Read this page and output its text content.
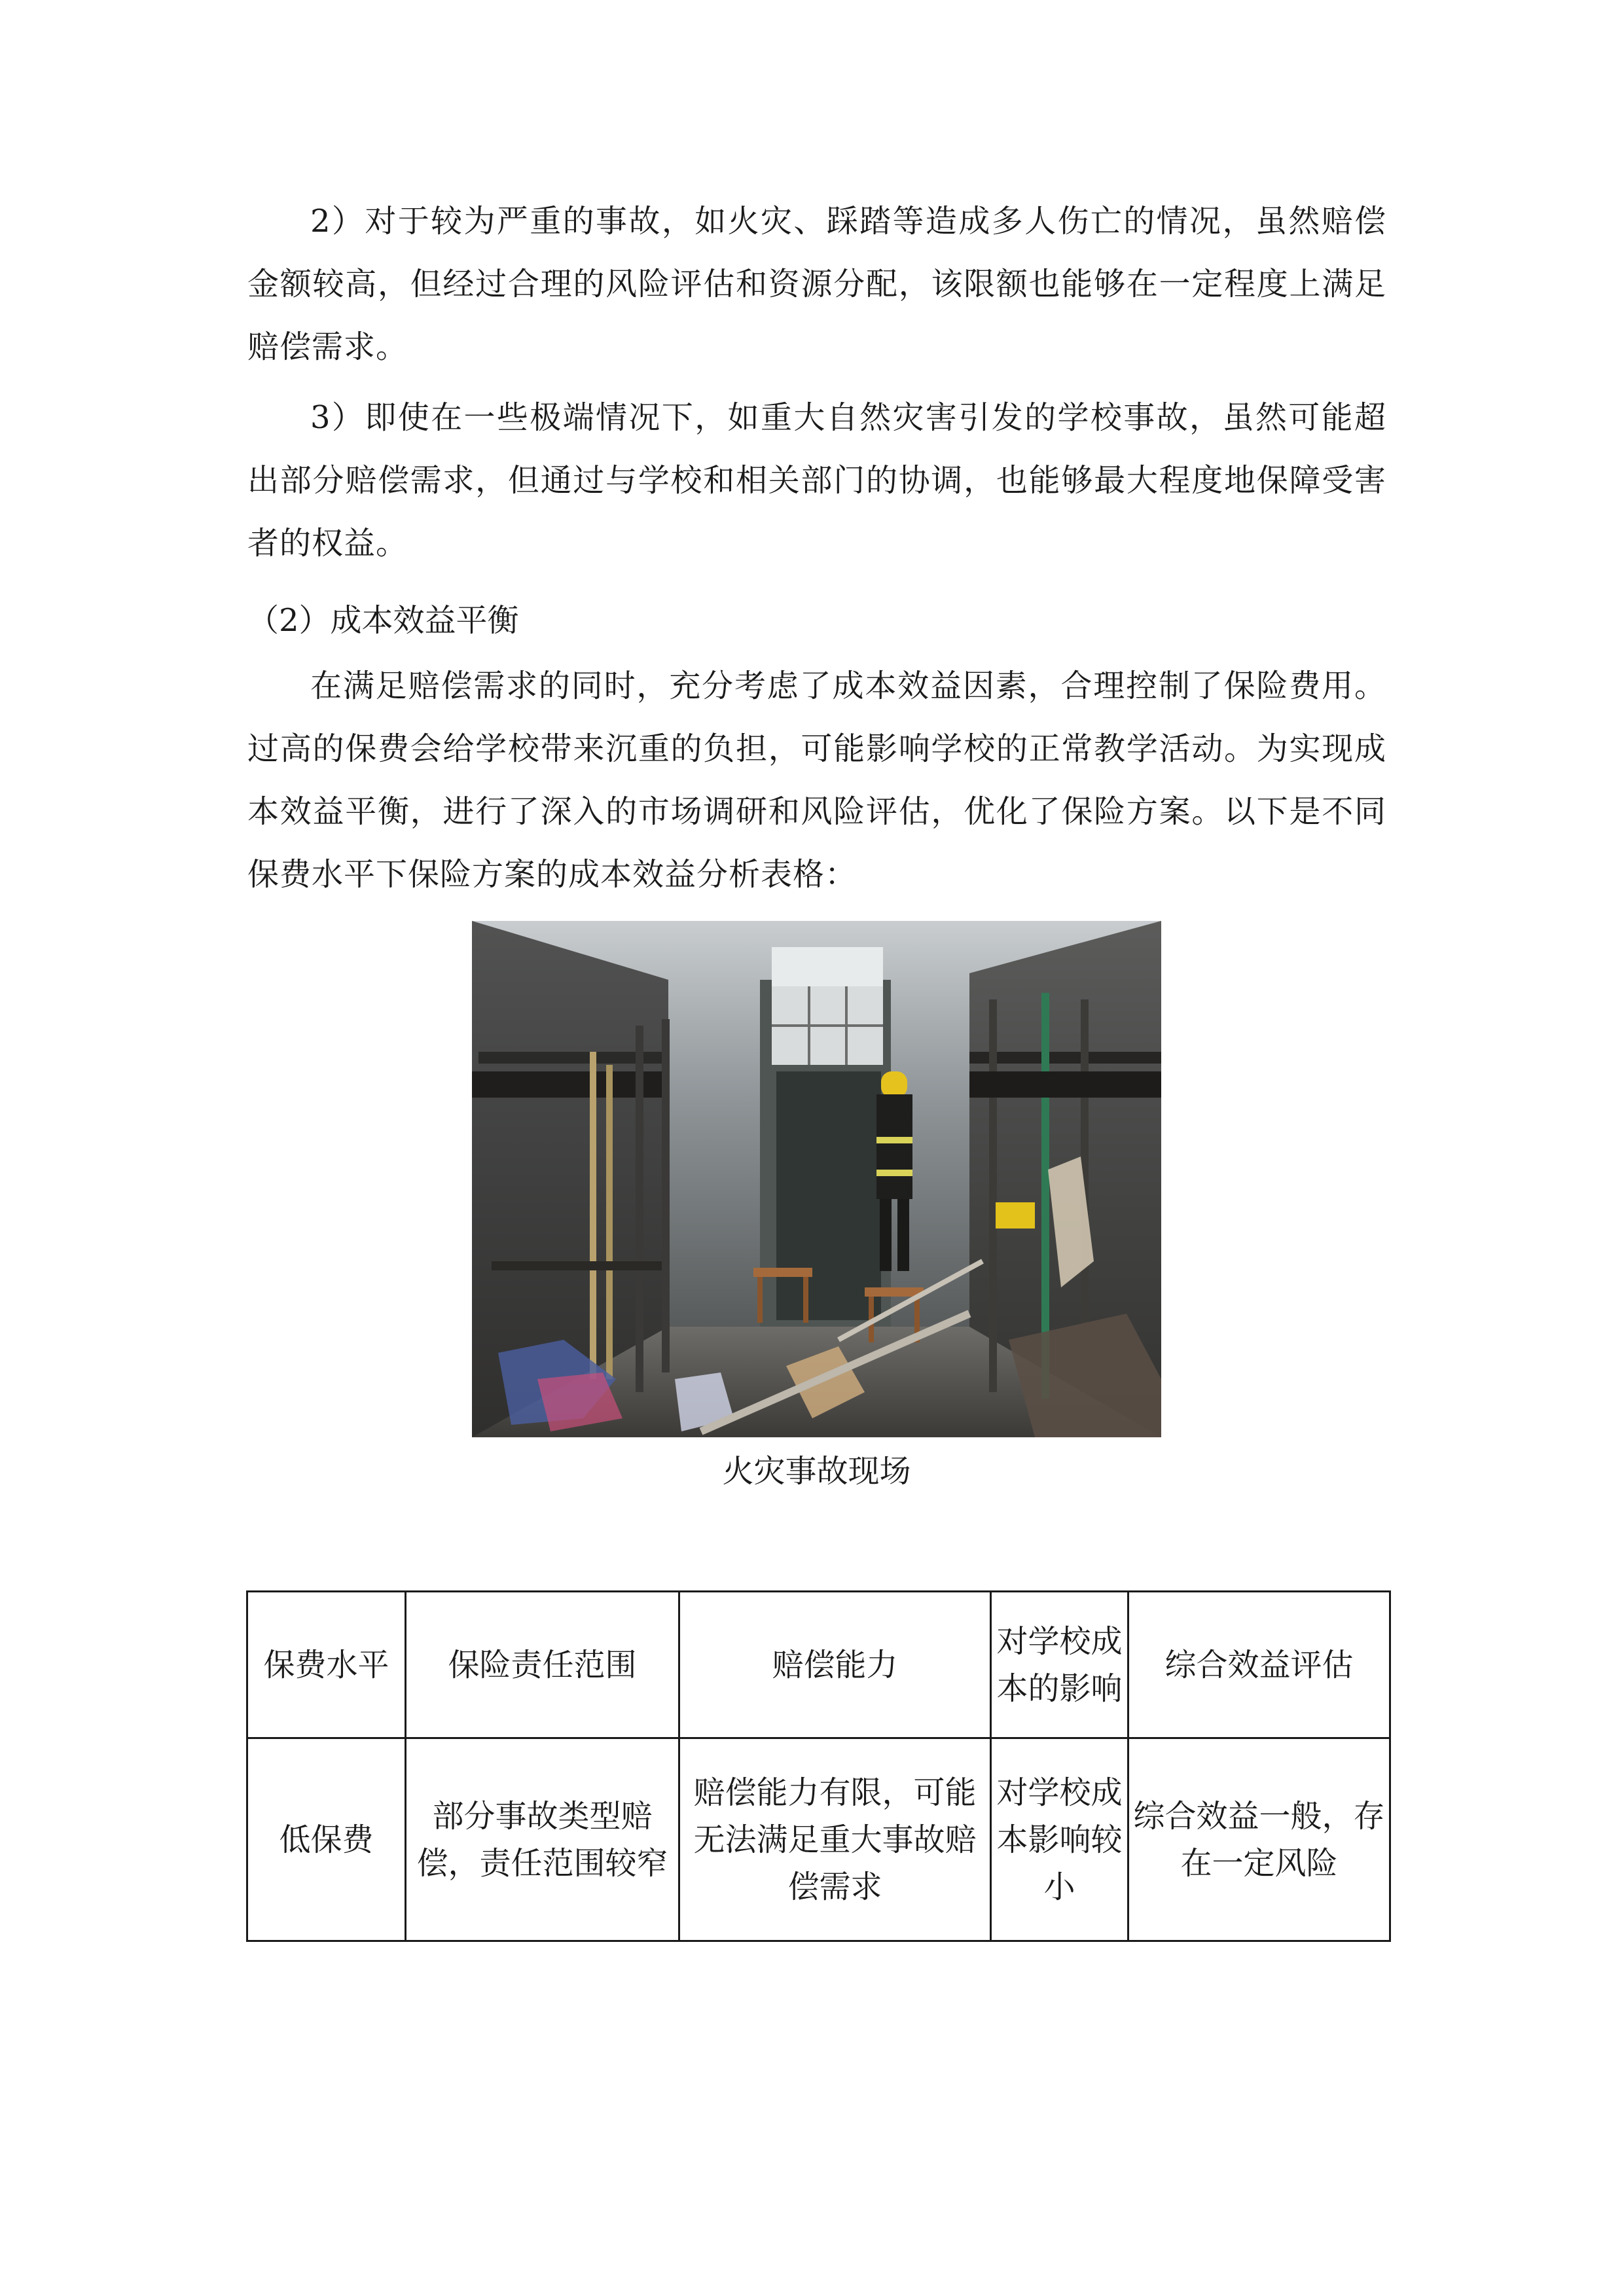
2）对于较为严重的事故，如火灾、踩踏等造成多人伤亡的情况，虽然赔偿金额较高，但经过合理的风险评估和资源分配，该限额也能够在一定程度上满足赔偿需求。

3）即使在一些极端情况下，如重大自然灾害引发的学校事故，虽然可能超出部分赔偿需求，但通过与学校和相关部门的协调，也能够最大程度地保障受害者的权益。

（2）成本效益平衡

在满足赔偿需求的同时，充分考虑了成本效益因素，合理控制了保险费用。过高的保费会给学校带来沉重的负担，可能影响学校的正常教学活动。为实现成本效益平衡，进行了深入的市场调研和风险评估，优化了保险方案。以下是不同保费水平下保险方案的成本效益分析表格：

火灾事故现场
保费水平	保险责任范围	赔偿能力	对学校成本的影响	综合效益评估
低保费	部分事故类型赔偿，责任范围较窄	赔偿能力有限，可能无法满足重大事故赔偿需求	对学校成本影响较小	综合效益一般，存在一定风险
